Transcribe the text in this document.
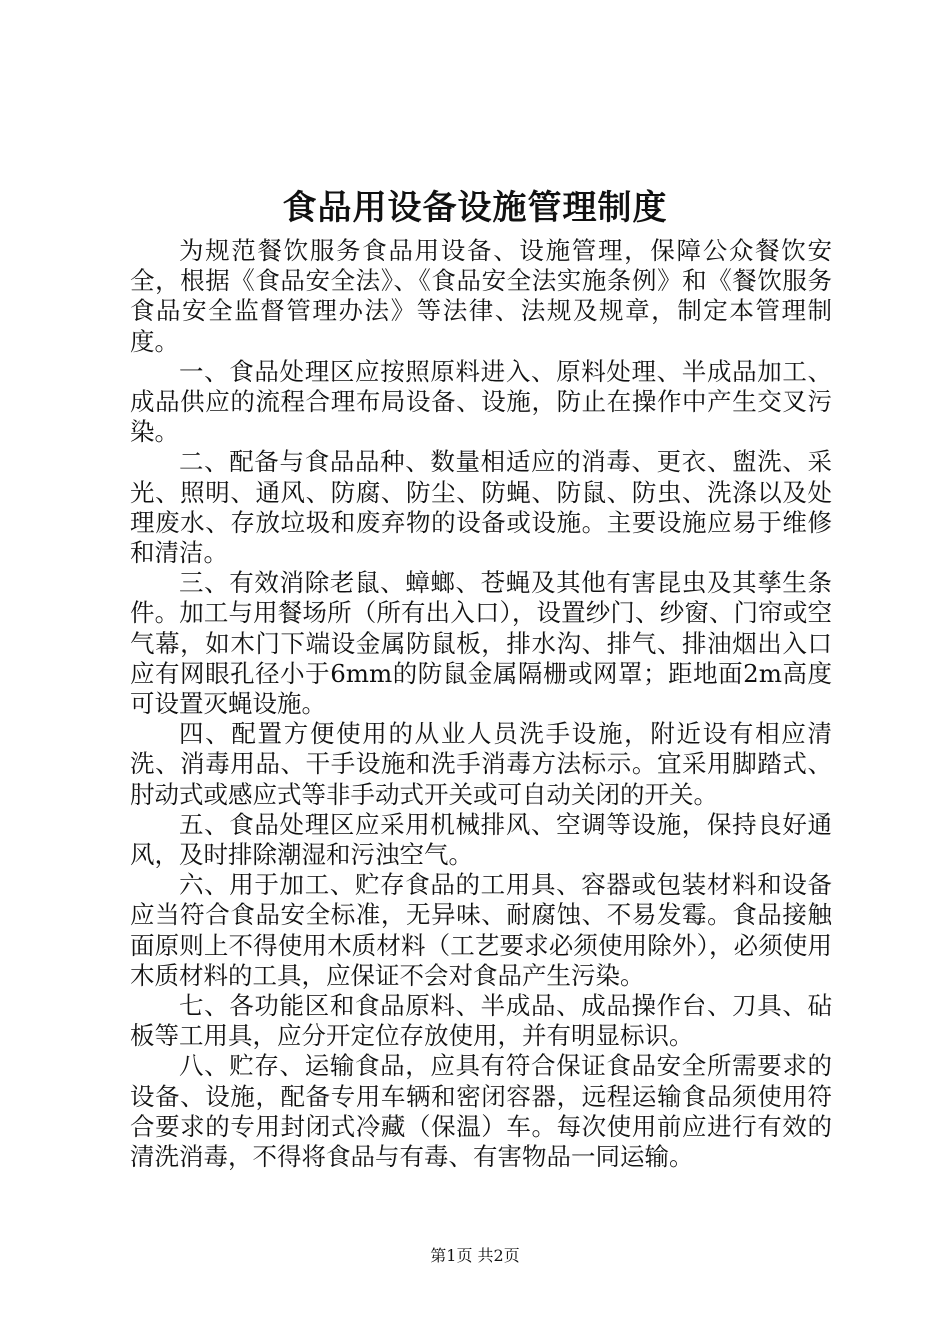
食品用设备设施管理制度

为规范餐饮服务食品用设备、设施管理，保障公众餐饮安全，根据《食品安全法》、《食品安全法实施条例》和《餐饮服务食品安全监督管理办法》等法律、法规及规章，制定本管理制度。

一、食品处理区应按照原料进入、原料处理、半成品加工、成品供应的流程合理布局设备、设施，防止在操作中产生交叉污染。

二、配备与食品品种、数量相适应的消毒、更衣、盥洗、采光、照明、通风、防腐、防尘、防蝇、防鼠、防虫、洗涤以及处理废水、存放垃圾和废弃物的设备或设施。主要设施应易于维修和清洁。

三、有效消除老鼠、蟑螂、苍蝇及其他有害昆虫及其孳生条件。加工与用餐场所（所有出入口），设置纱门、纱窗、门帘或空气幕，如木门下端设金属防鼠板，排水沟、排气、排油烟出入口应有网眼孔径小于6mm的防鼠金属隔栅或网罩；距地面2m高度可设置灭蝇设施。

四、配置方便使用的从业人员洗手设施，附近设有相应清洗、消毒用品、干手设施和洗手消毒方法标示。宜采用脚踏式、肘动式或感应式等非手动式开关或可自动关闭的开关。

五、食品处理区应采用机械排风、空调等设施，保持良好通风，及时排除潮湿和污浊空气。

六、用于加工、贮存食品的工用具、容器或包装材料和设备应当符合食品安全标准，无异味、耐腐蚀、不易发霉。食品接触面原则上不得使用木质材料（工艺要求必须使用除外），必须使用木质材料的工具，应保证不会对食品产生污染。

七、各功能区和食品原料、半成品、成品操作台、刀具、砧板等工用具，应分开定位存放使用，并有明显标识。

八、贮存、运输食品，应具有符合保证食品安全所需要求的设备、设施，配备专用车辆和密闭容器，远程运输食品须使用符合要求的专用封闭式冷藏（保温）车。每次使用前应进行有效的清洗消毒，不得将食品与有毒、有害物品一同运输。

第1页 共2页
